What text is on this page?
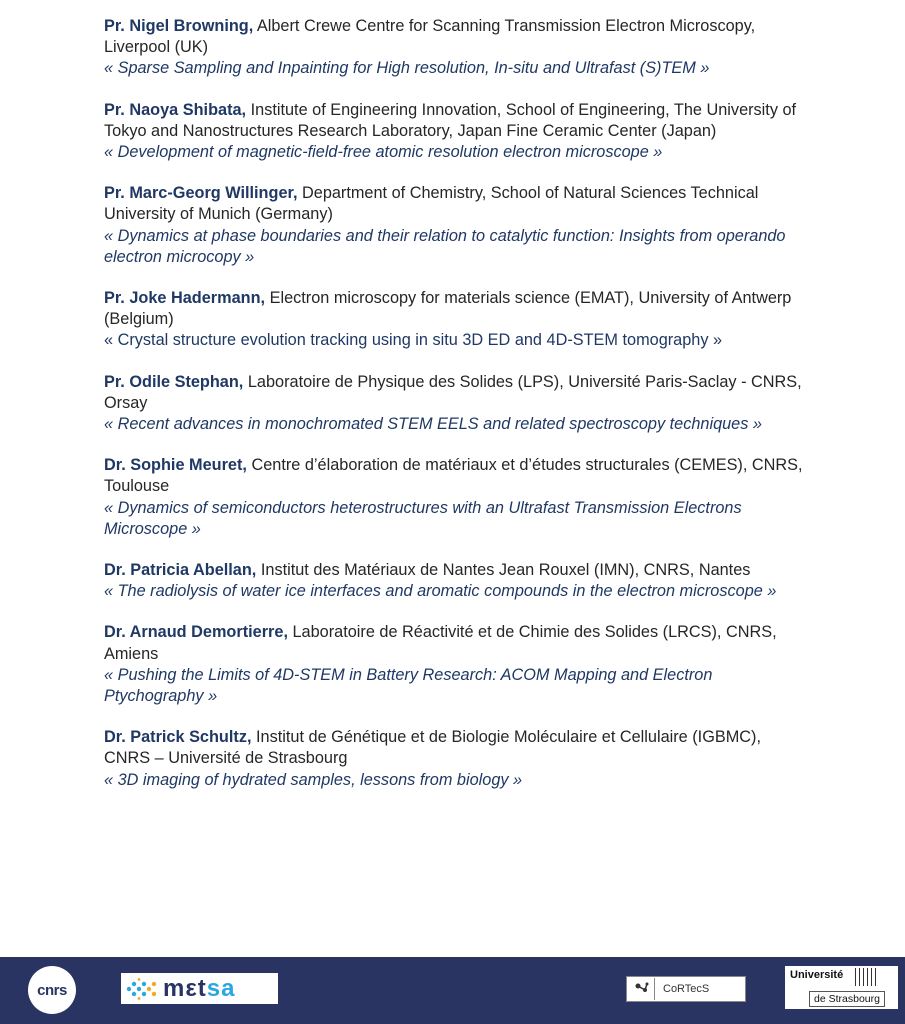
Pr. Nigel Browning, Albert Crewe Centre for Scanning Transmission Electron Microscopy, Liverpool (UK)
« Sparse Sampling and Inpainting for High resolution, In-situ and Ultrafast (S)TEM »
Pr. Naoya Shibata, Institute of Engineering Innovation, School of Engineering, The University of Tokyo and Nanostructures Research Laboratory, Japan Fine Ceramic Center (Japan)
« Development of magnetic-field-free atomic resolution electron microscope »
Pr. Marc-Georg Willinger, Department of Chemistry, School of Natural Sciences Technical University of Munich (Germany)
« Dynamics at phase boundaries and their relation to catalytic function: Insights from operando electron microcopy »
Pr. Joke Hadermann, Electron microscopy for materials science (EMAT), University of Antwerp (Belgium)
« Crystal structure evolution tracking using in situ 3D ED and 4D-STEM tomography »
Pr. Odile Stephan, Laboratoire de Physique des Solides (LPS), Université Paris-Saclay - CNRS, Orsay
« Recent advances in monochromated STEM EELS and related spectroscopy techniques »
Dr. Sophie Meuret, Centre d’élaboration de matériaux et d’études structurales (CEMES), CNRS, Toulouse
« Dynamics of semiconductors heterostructures with an Ultrafast Transmission Electrons Microscope »
Dr. Patricia Abellan, Institut des Matériaux de Nantes Jean Rouxel (IMN), CNRS, Nantes
« The radiolysis of water ice interfaces and aromatic compounds in the electron microscope »
Dr. Arnaud Demortierre, Laboratoire de Réactivité et de Chimie des Solides (LRCS), CNRS, Amiens
« Pushing the Limits of 4D-STEM in Battery Research: ACOM Mapping and Electron Ptychography »
Dr. Patrick Schultz, Institut de Génétique et de Biologie Moléculaire et Cellulaire (IGBMC), CNRS – Université de Strasbourg
« 3D imaging of hydrated samples, lessons from biology »
cnrs	mεtsa	CoRTecS
Université
de Strasbourg
